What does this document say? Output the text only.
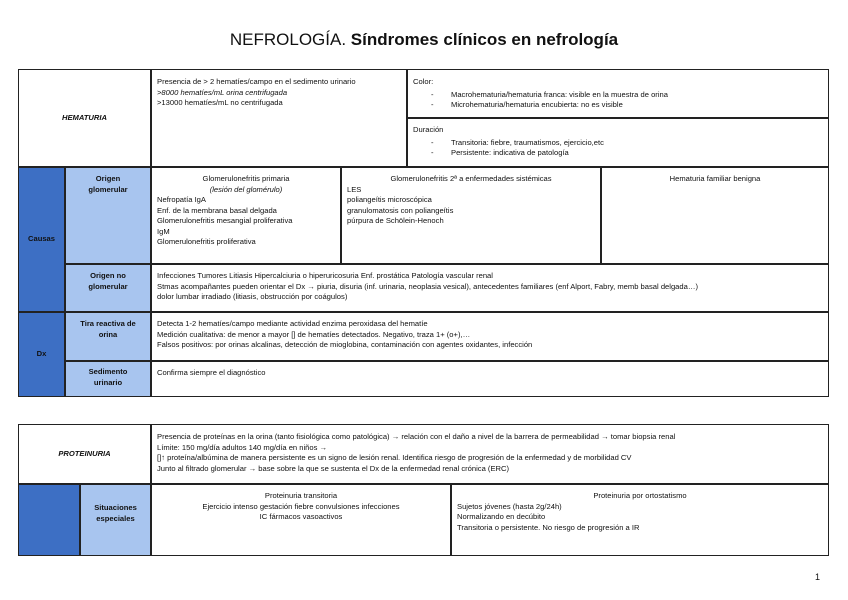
NEFROLOGÍA. Síndromes clínicos en nefrología
HEMATURIA
Presencia de > 2 hematíes/campo en el sedimento urinario
>8000 hematíes/mL orina centrifugada
>13000 hematíes/mL no centrifugada
Color:
- Macrohematuria/hematuria franca: visible en la muestra de orina
- Microhematuria/hematuria encubierta: no es visible
Duración
- Transitoria: fiebre, traumatismos, ejercicio,etc
- Persistente: indicativa de patología
Causas
Origen glomerular
Glomerulonefritis primaria
(lesión del glomérulo)
Nefropatía IgA
Enf. de la membrana basal delgada
Glomerulonefritis mesangial proliferativa
IgM
Glomerulonefritis proliferativa
Glomerulonefritis 2ª a enfermedades sistémicas
LES
poliangeítis microscópica
granulomatosis con poliangeítis
púrpura de Schölein-Henoch
Hematuria familiar benigna
Origen no glomerular
Infecciones Tumores Litiasis Hipercalciuria o hiperuricosuria Enf. prostática Patología vascular renal
Stmas acompañantes pueden orientar el Dx → piuria, disuria (inf. urinaria, neoplasia vesical), antecedentes familiares (enf Alport, Fabry, memb basal delgada…)
dolor lumbar irradiado (litiasis, obstrucción por coágulos)
Dx
Tira reactiva de orina
Detecta 1-2 hematíes/campo mediante actividad enzima peroxidasa del hematíe
Medición cualitativa: de menor a mayor [] de hematíes detectados. Negativo, traza 1+ (o+),…
Falsos positivos: por orinas alcalinas, detección de mioglobina, contaminación con agentes oxidantes, infección
Sedimento urinario
Confirma siempre el diagnóstico
PROTEINURIA
Presencia de proteínas en la orina (tanto fisiológica como patológica) → relación con el daño a nivel de la barrera de permeabilidad → tomar biopsia renal
Límite: 150 mg/día adultos 140 mg/día en niños →
[]↑ proteína/albúmina de manera persistente es un signo de lesión renal. Identifica riesgo de progresión de la enfermedad y de morbilidad CV
Junto al filtrado glomerular → base sobre la que se sustenta el Dx de la enfermedad renal crónica (ERC)
Situaciones especiales
Proteinuria transitoria
Ejercicio intenso gestación fiebre convulsiones infecciones
IC fármacos vasoactivos
Proteinuria por ortostatismo
Sujetos jóvenes (hasta 2g/24h)
Normalizando en decúbito
Transitoria o persistente. No riesgo de progresión a IR
1
